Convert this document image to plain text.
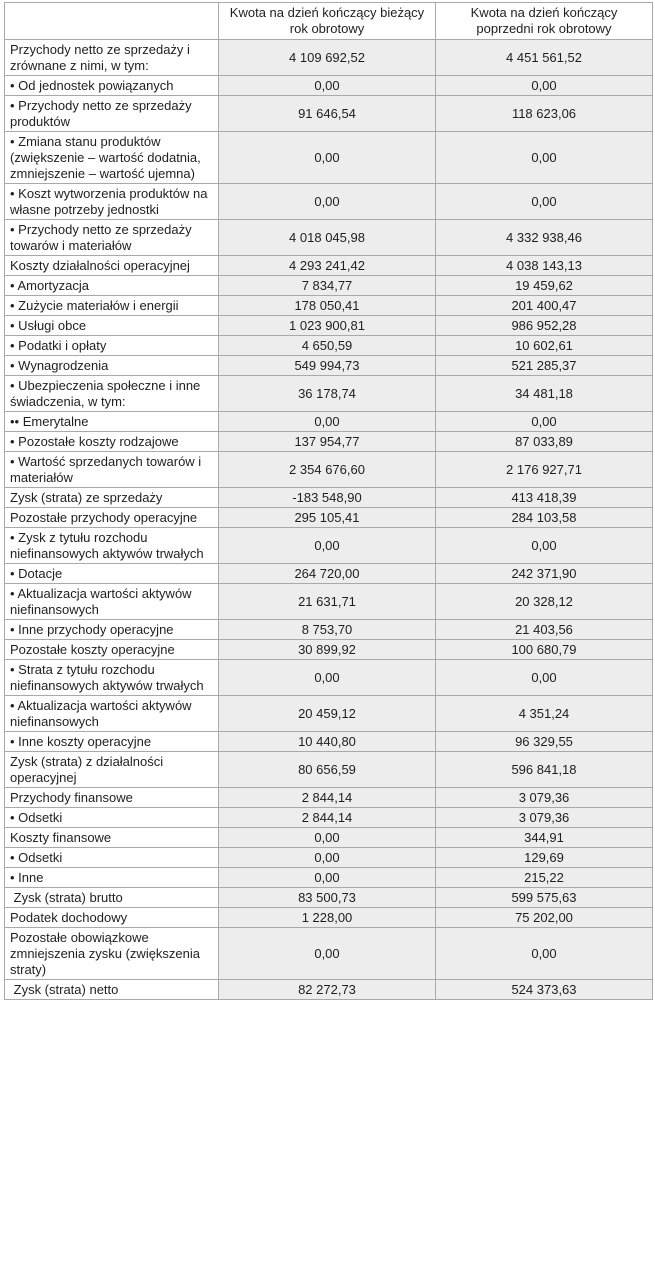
	Kwota na dzień kończący bieżący rok obrotowy	Kwota na dzień kończący poprzedni rok obrotowy
Przychody netto ze sprzedaży i zrównane z nimi, w tym:	4 109 692,52	4 451 561,52
• Od jednostek powiązanych	0,00	0,00
• Przychody netto ze sprzedaży produktów	91 646,54	118 623,06
• Zmiana stanu produktów (zwiększenie – wartość dodatnia, zmniejszenie – wartość ujemna)	0,00	0,00
• Koszt wytworzenia produktów na własne potrzeby jednostki	0,00	0,00
• Przychody netto ze sprzedaży towarów i materiałów	4 018 045,98	4 332 938,46
Koszty działalności operacyjnej	4 293 241,42	4 038 143,13
• Amortyzacja	7 834,77	19 459,62
• Zużycie materiałów i energii	178 050,41	201 400,47
• Usługi obce	1 023 900,81	986 952,28
• Podatki i opłaty	4 650,59	10 602,61
• Wynagrodzenia	549 994,73	521 285,37
• Ubezpieczenia społeczne i inne świadczenia, w tym:	36 178,74	34 481,18
•• Emerytalne	0,00	0,00
• Pozostałe koszty rodzajowe	137 954,77	87 033,89
• Wartość sprzedanych towarów i materiałów	2 354 676,60	2 176 927,71
Zysk (strata) ze sprzedaży	-183 548,90	413 418,39
Pozostałe przychody operacyjne	295 105,41	284 103,58
• Zysk z tytułu rozchodu niefinansowych aktywów trwałych	0,00	0,00
• Dotacje	264 720,00	242 371,90
• Aktualizacja wartości aktywów niefinansowych	21 631,71	20 328,12
• Inne przychody operacyjne	8 753,70	21 403,56
Pozostałe koszty operacyjne	30 899,92	100 680,79
• Strata z tytułu rozchodu niefinansowych aktywów trwałych	0,00	0,00
• Aktualizacja wartości aktywów niefinansowych	20 459,12	4 351,24
• Inne koszty operacyjne	10 440,80	96 329,55
Zysk (strata) z działalności operacyjnej	80 656,59	596 841,18
Przychody finansowe	2 844,14	3 079,36
• Odsetki	2 844,14	3 079,36
Koszty finansowe	0,00	344,91
• Odsetki	0,00	129,69
• Inne	0,00	215,22
Zysk (strata) brutto	83 500,73	599 575,63
Podatek dochodowy	1 228,00	75 202,00
Pozostałe obowiązkowe zmniejszenia zysku (zwiększenia straty)	0,00	0,00
Zysk (strata) netto	82 272,73	524 373,63
